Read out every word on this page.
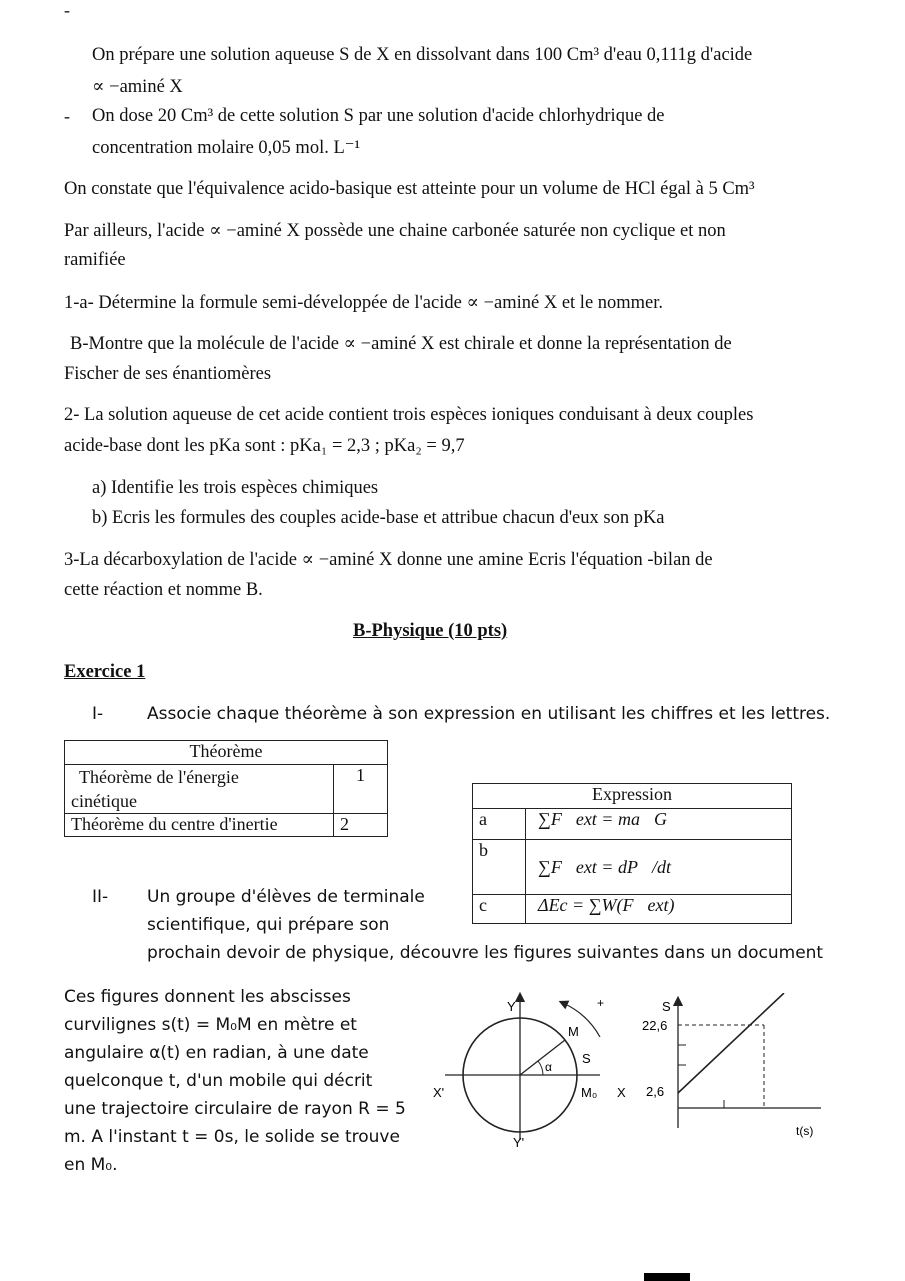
-
On prépare une solution aqueuse S de X en dissolvant dans 100 Cm³ d'eau 0,111g d'acide
∝ −aminé X
- On dose 20 Cm³ de cette solution S par une solution d'acide chlorhydrique de
concentration molaire 0,05 mol. L⁻¹
On constate que l'équivalence acido-basique est atteinte pour un volume de HCl égal à 5 Cm³
Par ailleurs, l'acide ∝ −aminé X possède une chaine carbonée saturée non cyclique et non
ramifiée
1-a- Détermine la formule semi-développée de l'acide ∝ −aminé X et le nommer.
B-Montre que la molécule de l'acide ∝ −aminé X est chirale et donne la représentation de
Fischer de ses énantiomères
2- La solution aqueuse de cet acide contient trois espèces ioniques conduisant à deux couples
acide-base dont les pKa sont : pKa₁ = 2,3 ; pKa₂ = 9,7
a) Identifie les trois espèces chimiques
b) Ecris les formules des couples acide-base et attribue chacun d'eux son pKa
3-La décarboxylation de l'acide ∝ −aminé X donne une amine Ecris l'équation -bilan de
cette réaction et nomme B.
B-Physique (10 pts)
Exercice 1
I-	Associe chaque théorème à son expression en utilisant les chiffres et les lettres.
Théorème	
Théorème de l'énergie
cinétique	1
Théorème du centre d'inertie	2
Expression	
a	∑F⃗ext = ma⃗G
b	∑F⃗ext = dP⃗/dt
c	ΔEc = ∑W(F⃗ext)
II- Un groupe d'élèves de terminale
scientifique, qui prépare son
prochain devoir de physique, découvre les figures suivantes dans un document
Ces figures donnent les abscisses
curvilignes s(t) = M₀M en mètre et
angulaire α(t) en radian, à une date
quelconque t, d'un mobile qui décrit
une trajectoire circulaire de rayon R = 5
m. A l'instant t = 0s, le solide se trouve
en M₀.
Y
Y'
X'	X
M
M₀
S
α
+	S
22,6
2,6
t(s)
